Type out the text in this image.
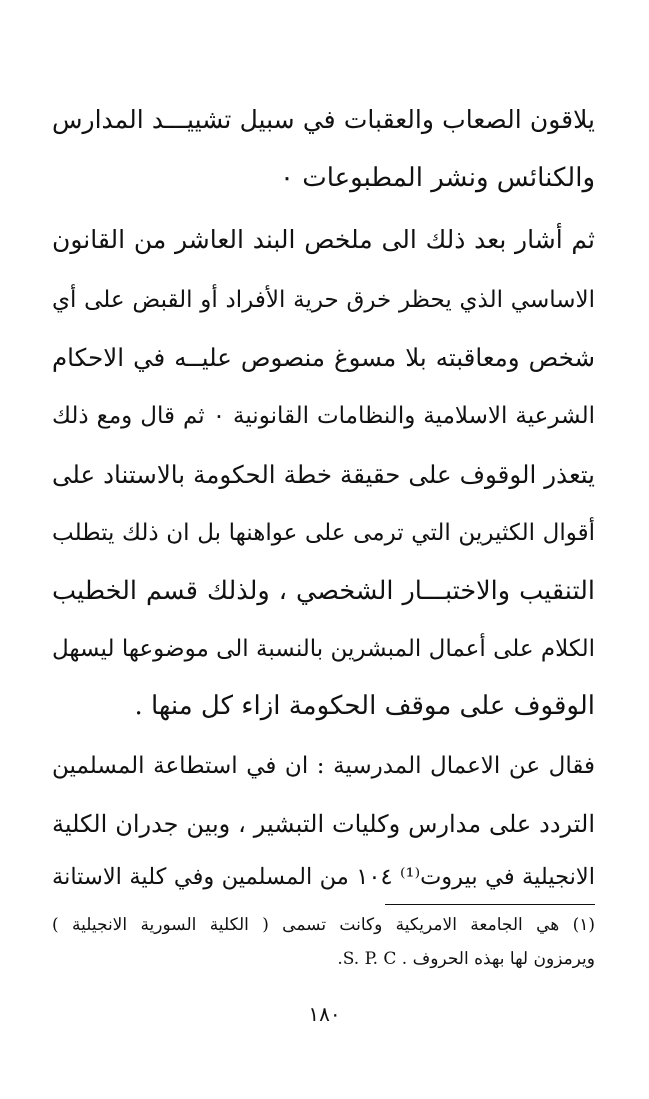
يلاقون الصعاب والعقبات في سبيل تشييـــد المدارس
والكنائس ونشر المطبوعات ٠
ثم أشار بعد ذلك الى ملخص البند العاشر من القانون
الاساسي الذي يحظر خرق حرية الأفراد أو القبض على أي
شخص ومعاقبته بلا مسوغ منصوص عليــه في الاحكام
الشرعية الاسلامية والنظامات القانونية ٠ ثم قال ومع ذلك
يتعذر الوقوف على حقيقة خطة الحكومة بالاستناد على
أقوال الكثيرين التي ترمى على عواهنها بل ان ذلك يتطلب
التنقيب والاختبـــار الشخصي ، ولذلك قسم الخطيب
الكلام على أعمال المبشرين بالنسبة الى موضوعها ليسهل
الوقوف على موقف الحكومة ازاء كل منها .
فقال عن الاعمال المدرسية : ان في استطاعة المسلمين
التردد على مدارس وكليات التبشير ، وبين جدران الكلية
الانجيلية في بيروت⁽¹⁾ ١٠٤ من المسلمين وفي كلية الاستانة
(١) هي الجامعة الامريكية وكانت تسمى ( الكلية السورية الانجيلية )
ويرمزون لها بهذه الحروف . S. P. C.
١٨٠
